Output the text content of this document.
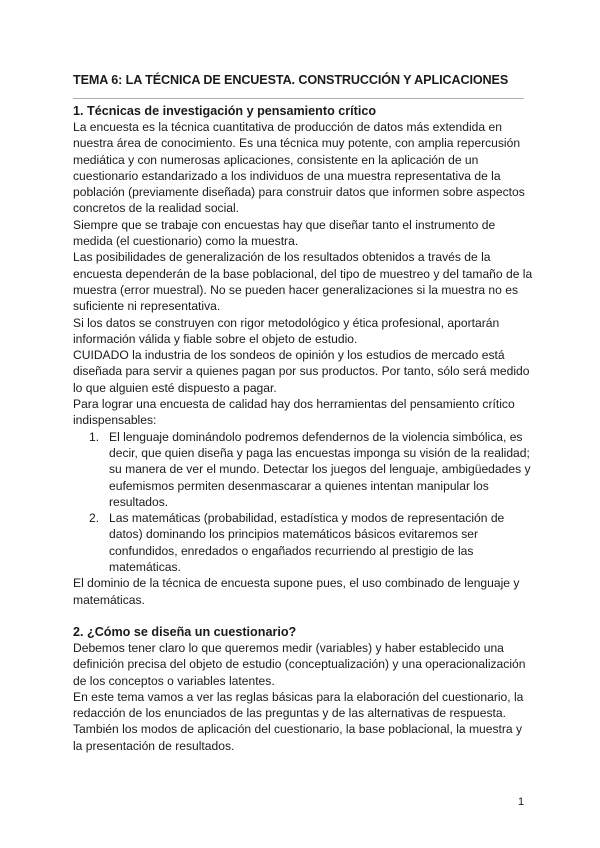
TEMA 6: LA TÉCNICA DE ENCUESTA. CONSTRUCCIÓN Y APLICACIONES
1. Técnicas de investigación y pensamiento crítico

La encuesta es la técnica cuantitativa de producción de datos más extendida en nuestra área de conocimiento. Es una técnica muy potente, con amplia repercusión mediática y con numerosas aplicaciones, consistente en la aplicación de un cuestionario estandarizado a los individuos de una muestra representativa de la población (previamente diseñada) para construir datos que informen sobre aspectos concretos de la realidad social.

Siempre que se trabaje con encuestas hay que diseñar tanto el instrumento de medida (el cuestionario) como la muestra.

Las posibilidades de generalización de los resultados obtenidos a través de la encuesta dependerán de la base poblacional, del tipo de muestreo y del tamaño de la muestra (error muestral). No se pueden hacer generalizaciones si la muestra no es suficiente ni representativa.

Si los datos se construyen con rigor metodológico y ética profesional, aportarán información válida y fiable sobre el objeto de estudio.

CUIDADO la industria de los sondeos de opinión y los estudios de mercado está diseñada para servir a quienes pagan por sus productos. Por tanto, sólo será medido lo que alguien esté dispuesto a pagar.

Para lograr una encuesta de calidad hay dos herramientas del pensamiento crítico indispensables:

1. El lenguaje dominándolo podremos defendernos de la violencia simbólica, es decir, que quien diseña y paga las encuestas imponga su visión de la realidad; su manera de ver el mundo. Detectar los juegos del lenguaje, ambigüedades y eufemismos permiten desenmascarar a quienes intentan manipular los resultados.
2. Las matemáticas (probabilidad, estadística y modos de representación de datos) dominando los principios matemáticos básicos evitaremos ser confundidos, enredados o engañados recurriendo al prestigio de las matemáticas.

El dominio de la técnica de encuesta supone pues, el uso combinado de lenguaje y matemáticas.

2. ¿Cómo se diseña un cuestionario?

Debemos tener claro lo que queremos medir (variables) y haber establecido una definición precisa del objeto de estudio (conceptualización) y una operacionalización de los conceptos o variables latentes.

En este tema vamos a ver las reglas básicas para la elaboración del cuestionario, la redacción de los enunciados de las preguntas y de las alternativas de respuesta.

También los modos de aplicación del cuestionario, la base poblacional, la muestra y la presentación de resultados.

1
